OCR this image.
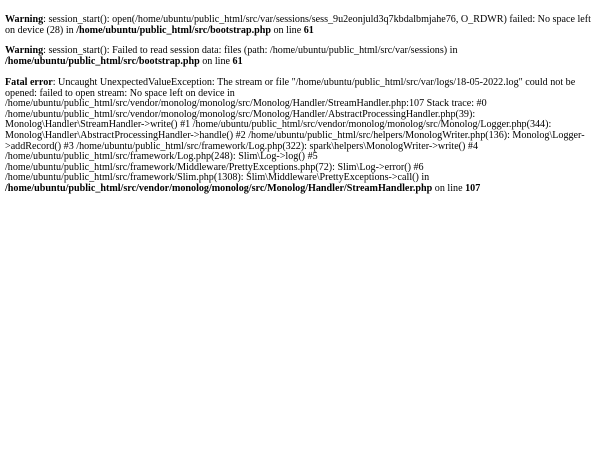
Warning: session_start(): open(/home/ubuntu/public_html/src/var/sessions/sess_9u2eonjuld3q7kbdalbmjahe76, O_RDWR) failed: No space left on device (28) in /home/ubuntu/public_html/src/bootstrap.php on line 61

Warning: session_start(): Failed to read session data: files (path: /home/ubuntu/public_html/src/var/sessions) in /home/ubuntu/public_html/src/bootstrap.php on line 61

Fatal error: Uncaught UnexpectedValueException: The stream or file "/home/ubuntu/public_html/src/var/logs/18-05-2022.log" could not be opened: failed to open stream: No space left on device in /home/ubuntu/public_html/src/vendor/monolog/monolog/src/Monolog/Handler/StreamHandler.php:107 Stack trace: #0 /home/ubuntu/public_html/src/vendor/monolog/monolog/src/Monolog/Handler/AbstractProcessingHandler.php(39): Monolog\Handler\StreamHandler->write() #1 /home/ubuntu/public_html/src/vendor/monolog/monolog/src/Monolog/Logger.php(344): Monolog\Handler\AbstractProcessingHandler->handle() #2 /home/ubuntu/public_html/src/helpers/MonologWriter.php(136): Monolog\Logger->addRecord() #3 /home/ubuntu/public_html/src/framework/Log.php(322): spark\helpers\MonologWriter->write() #4 /home/ubuntu/public_html/src/framework/Log.php(248): Slim\Log->log() #5 /home/ubuntu/public_html/src/framework/Middleware/PrettyExceptions.php(72): Slim\Log->error() #6 /home/ubuntu/public_html/src/framework/Slim.php(1308): Slim\Middleware\PrettyExceptions->call() in /home/ubuntu/public_html/src/vendor/monolog/monolog/src/Monolog/Handler/StreamHandler.php on line 107
